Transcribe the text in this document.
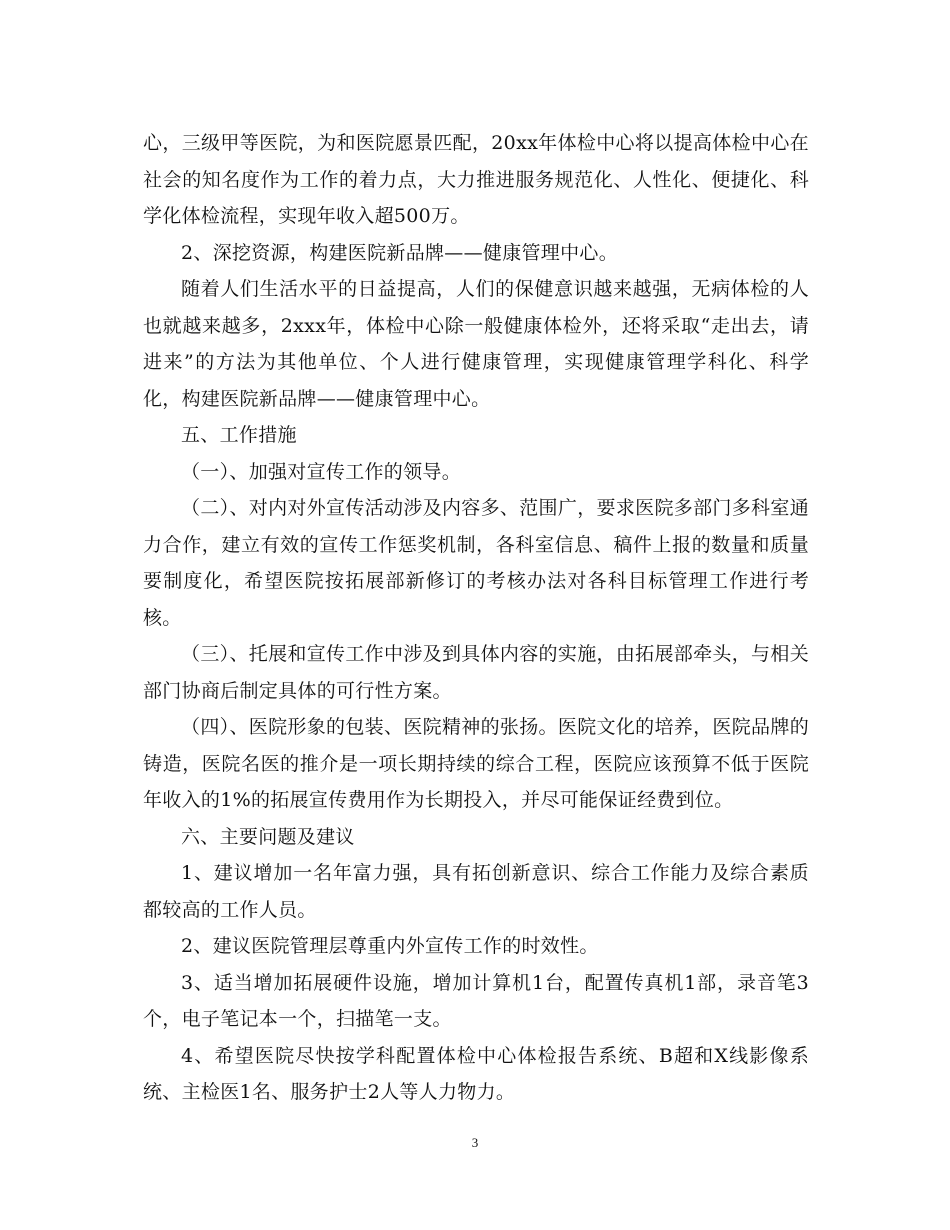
心，三级甲等医院，为和医院愿景匹配，20xx年体检中心将以提高体检中心在社会的知名度作为工作的着力点，大力推进服务规范化、人性化、便捷化、科学化体检流程，实现年收入超500万。

2、深挖资源，构建医院新品牌——健康管理中心。

随着人们生活水平的日益提高，人们的保健意识越来越强，无病体检的人也就越来越多，2xxx年，体检中心除一般健康体检外，还将采取“走出去，请进来”的方法为其他单位、个人进行健康管理，实现健康管理学科化、科学化，构建医院新品牌——健康管理中心。

五、工作措施

（一）、加强对宣传工作的领导。

（二）、对内对外宣传活动涉及内容多、范围广，要求医院多部门多科室通力合作，建立有效的宣传工作惩奖机制，各科室信息、稿件上报的数量和质量要制度化，希望医院按拓展部新修订的考核办法对各科目标管理工作进行考核。

（三）、托展和宣传工作中涉及到具体内容的实施，由拓展部牵头，与相关部门协商后制定具体的可行性方案。

（四）、医院形象的包装、医院精神的张扬。医院文化的培养，医院品牌的铸造，医院名医的推介是一项长期持续的综合工程，医院应该预算不低于医院年收入的1%的拓展宣传费用作为长期投入，并尽可能保证经费到位。

六、主要问题及建议

1、建议增加一名年富力强，具有拓创新意识、综合工作能力及综合素质都较高的工作人员。

2、建议医院管理层尊重内外宣传工作的时效性。

3、适当增加拓展硬件设施，增加计算机1台，配置传真机1部，录音笔3个，电子笔记本一个，扫描笔一支。

4、希望医院尽快按学科配置体检中心体检报告系统、B超和X线影像系统、主检医1名、服务护士2人等人力物力。

3
